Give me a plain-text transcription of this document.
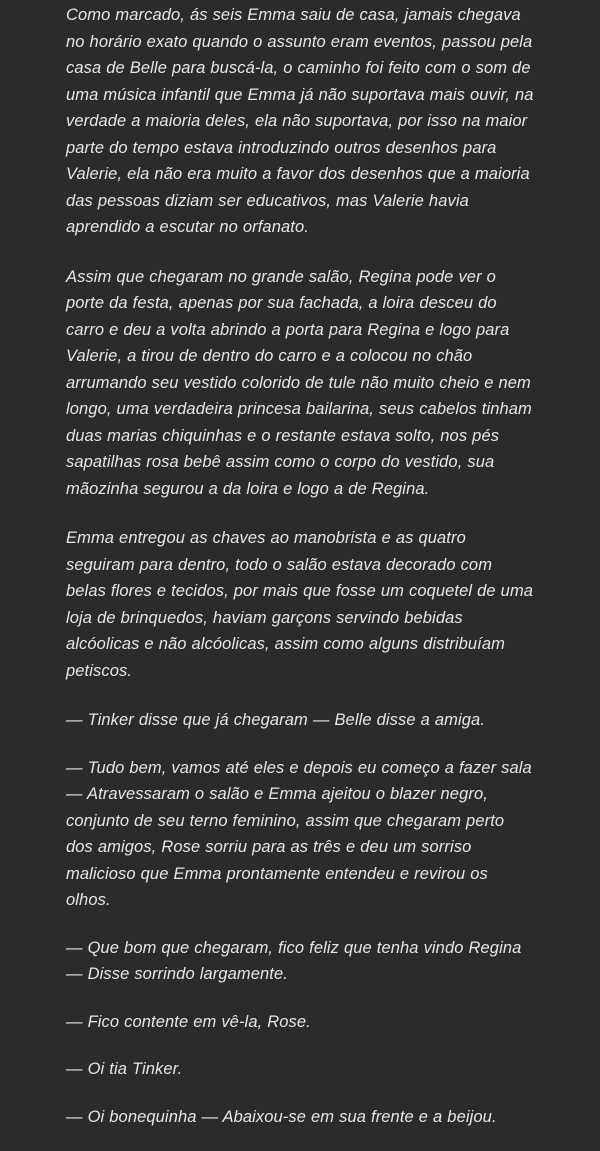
Como marcado, ás seis Emma saiu de casa, jamais chegava no horário exato quando o assunto eram eventos, passou pela casa de Belle para buscá-la, o caminho foi feito com o som de uma música infantil que Emma já não suportava mais ouvir, na verdade a maioria deles, ela não suportava, por isso na maior parte do tempo estava introduzindo outros desenhos para Valerie, ela não era muito a favor dos desenhos que a maioria das pessoas diziam ser educativos, mas Valerie havia aprendido a escutar no orfanato.

Assim que chegaram no grande salão, Regina pode ver o porte da festa, apenas por sua fachada, a loira desceu do carro e deu a volta abrindo a porta para Regina e logo para Valerie, a tirou de dentro do carro e a colocou no chão arrumando seu vestido colorido de tule não muito cheio e nem longo, uma verdadeira princesa bailarina, seus cabelos tinham duas marias chiquinhas e o restante estava solto, nos pés sapatilhas rosa bebê assim como o corpo do vestido, sua mãozinha segurou a da loira e logo a de Regina.

Emma entregou as chaves ao manobrista e as quatro seguiram para dentro, todo o salão estava decorado com belas flores e tecidos, por mais que fosse um coquetel de uma loja de brinquedos, haviam garçons servindo bebidas alcóolicas e não alcóolicas, assim como alguns distribuíam petiscos.

— Tinker disse que já chegaram — Belle disse a amiga.

— Tudo bem, vamos até eles e depois eu começo a fazer sala — Atravessaram o salão e Emma ajeitou o blazer negro, conjunto de seu terno feminino, assim que chegaram perto dos amigos, Rose sorriu para as três e deu um sorriso malicioso que Emma prontamente entendeu e revirou os olhos.

— Que bom que chegaram, fico feliz que tenha vindo Regina — Disse sorrindo largamente.

— Fico contente em vê-la, Rose.

— Oi tia Tinker.

— Oi bonequinha — Abaixou-se em sua frente e a beijou.
